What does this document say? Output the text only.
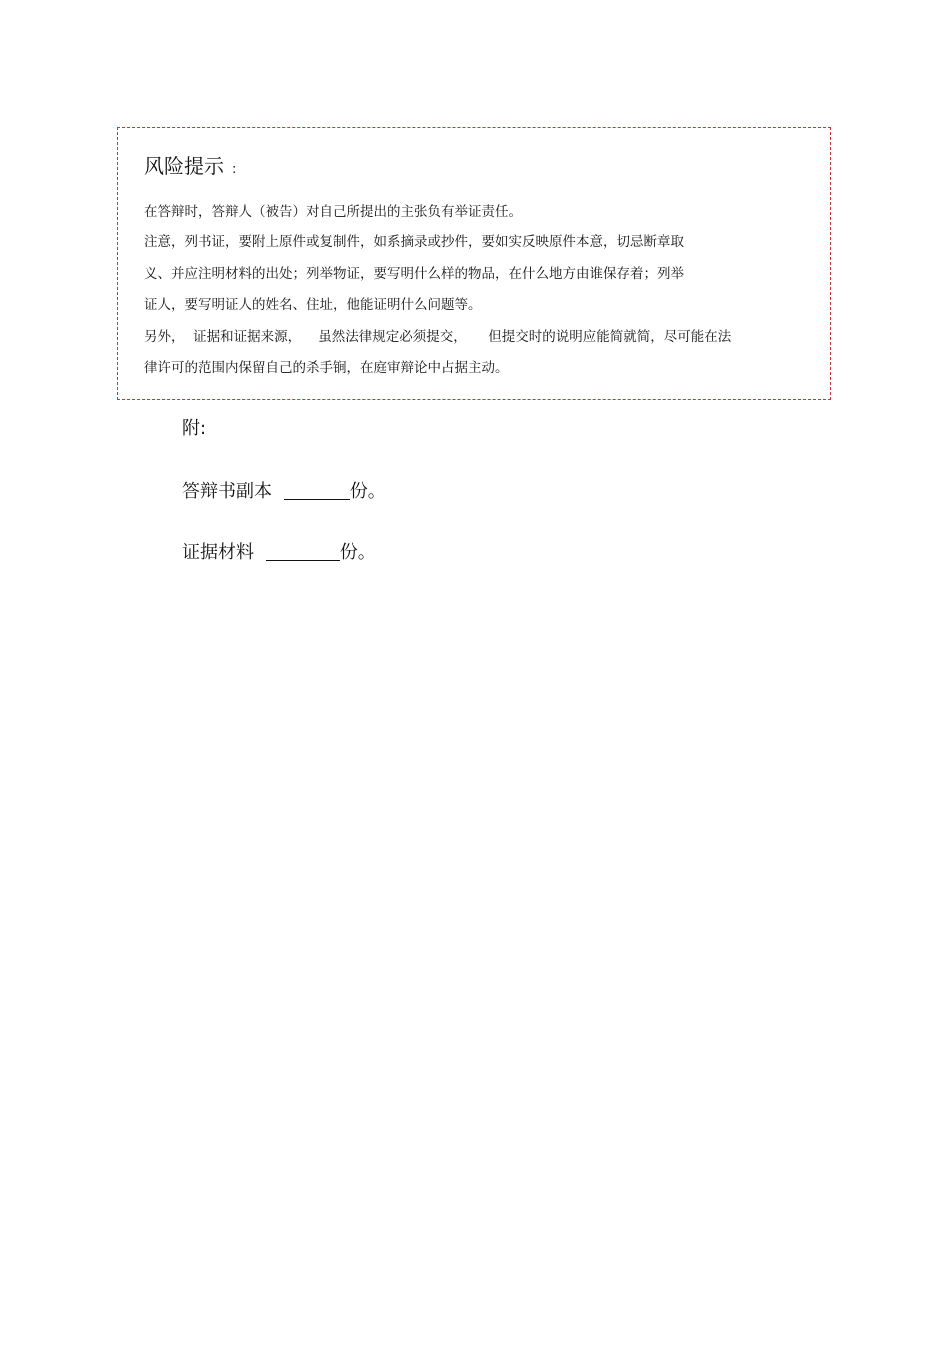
风险提示 :
在答辩时，答辩人（被告）对自己所提出的主张负有举证责任。
注意，列书证，要附上原件或复制件，如系摘录或抄件，要如实反映原件本意，切忌断章取
义、并应注明材料的出处；列举物证，要写明什么样的物品，在什么地方由谁保存着；列举
证人，要写明证人的姓名、住址，他能证明什么问题等。
另外，  证据和证据来源，    虽然法律规定必须提交，     但提交时的说明应能简就简，尽可能在法
律许可的范围内保留自己的杀手锏，在庭审辩论中占据主动。
附:
答辩书副本	份。
证据材料	份。
